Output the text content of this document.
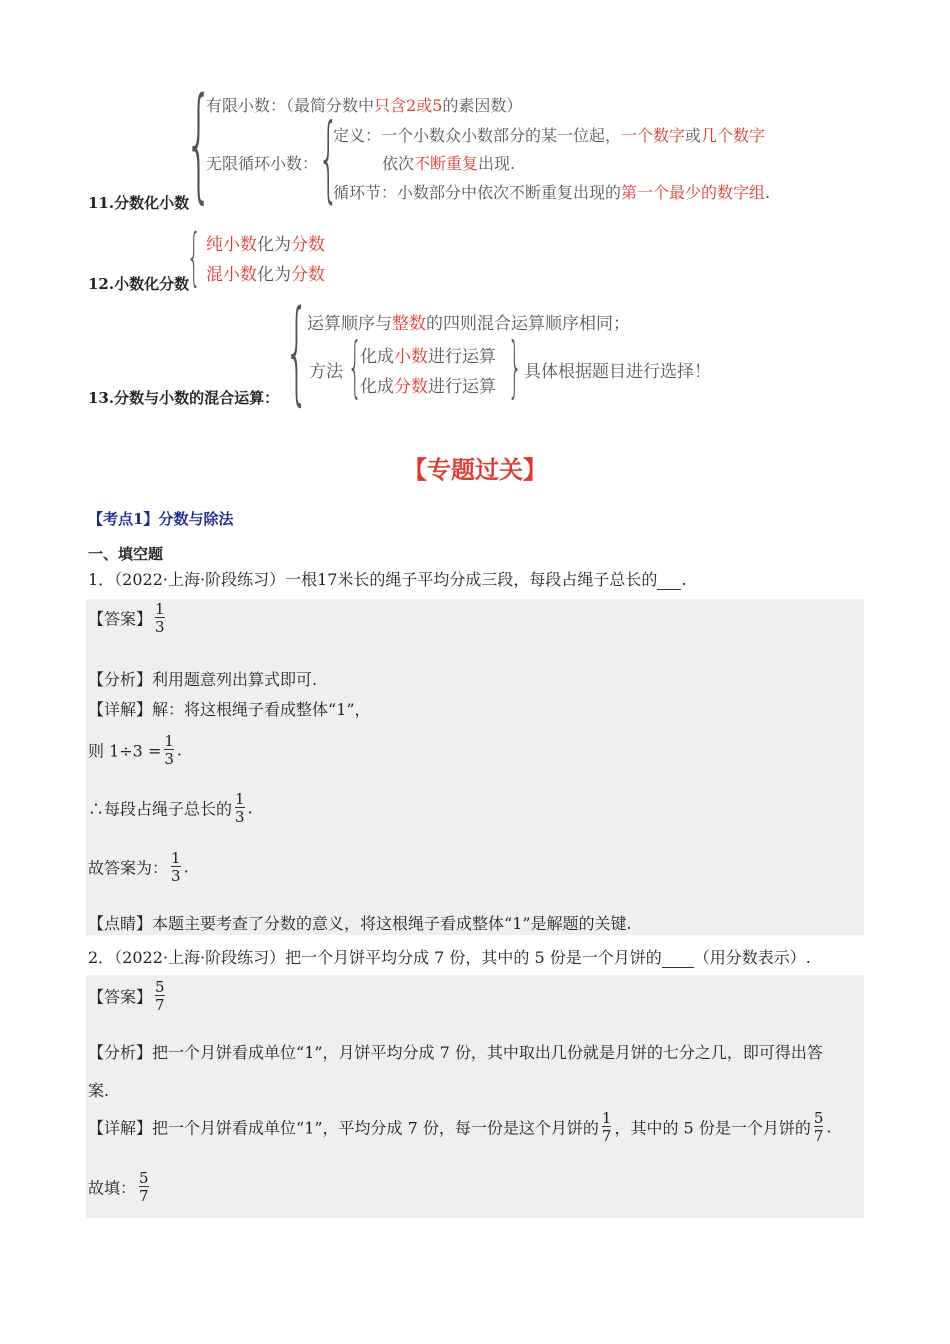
{
有限小数：（最简分数中只含2或5的素因数）
无限循环小数： {
定义：一个小数众小数部分的某一位起，一个数字或几个数字
依次不断重复出现.
循环节：小数部分中依次不断重复出现的第一个最少的数字组.
11.分数化小数
{ 纯小数化为分数
混小数化为分数
12.小数化分数
{
运算顺序与整数的四则混合运算顺序相同；
方法 {
化成小数进行运算
化成分数进行运算 } 具体根据题目进行选择！
13.分数与小数的混合运算：
【专题过关】
【考点1】分数与除法
一、填空题
1．（2022·上海·阶段练习）一根17米长的绳子平均分成三段，每段占绳子总长的 .
【答案】 $\frac{1}{3}$
【分析】利用题意列出算式即可.
【详解】解：将这根绳子看成整体“1”，
则 $1\div 3 = \frac{1}{3}$ .
∴每段占绳子总长的 $\frac{1}{3}$ .
故答案为： $\frac{1}{3}$ .
【点睛】本题主要考查了分数的意义，将这根绳子看成整体“1”是解题的关键.
2．（2022·上海·阶段练习）把一个月饼平均分成 7 份，其中的 5 份是一个月饼的 （用分数表示）.
【答案】 $\frac{5}{7}$
【分析】把一个月饼看成单位“1”，月饼平均分成 7 份，其中取出几份就是月饼的七分之几，即可得出答
案.
【详解】把一个月饼看成单位“1”，平均分成 7 份，每一份是这个月饼的 $\frac{1}{7}$ ，其中的 5 份是一个月饼的 $\frac{5}{7}$ .
故填： $\frac{5}{7}$
